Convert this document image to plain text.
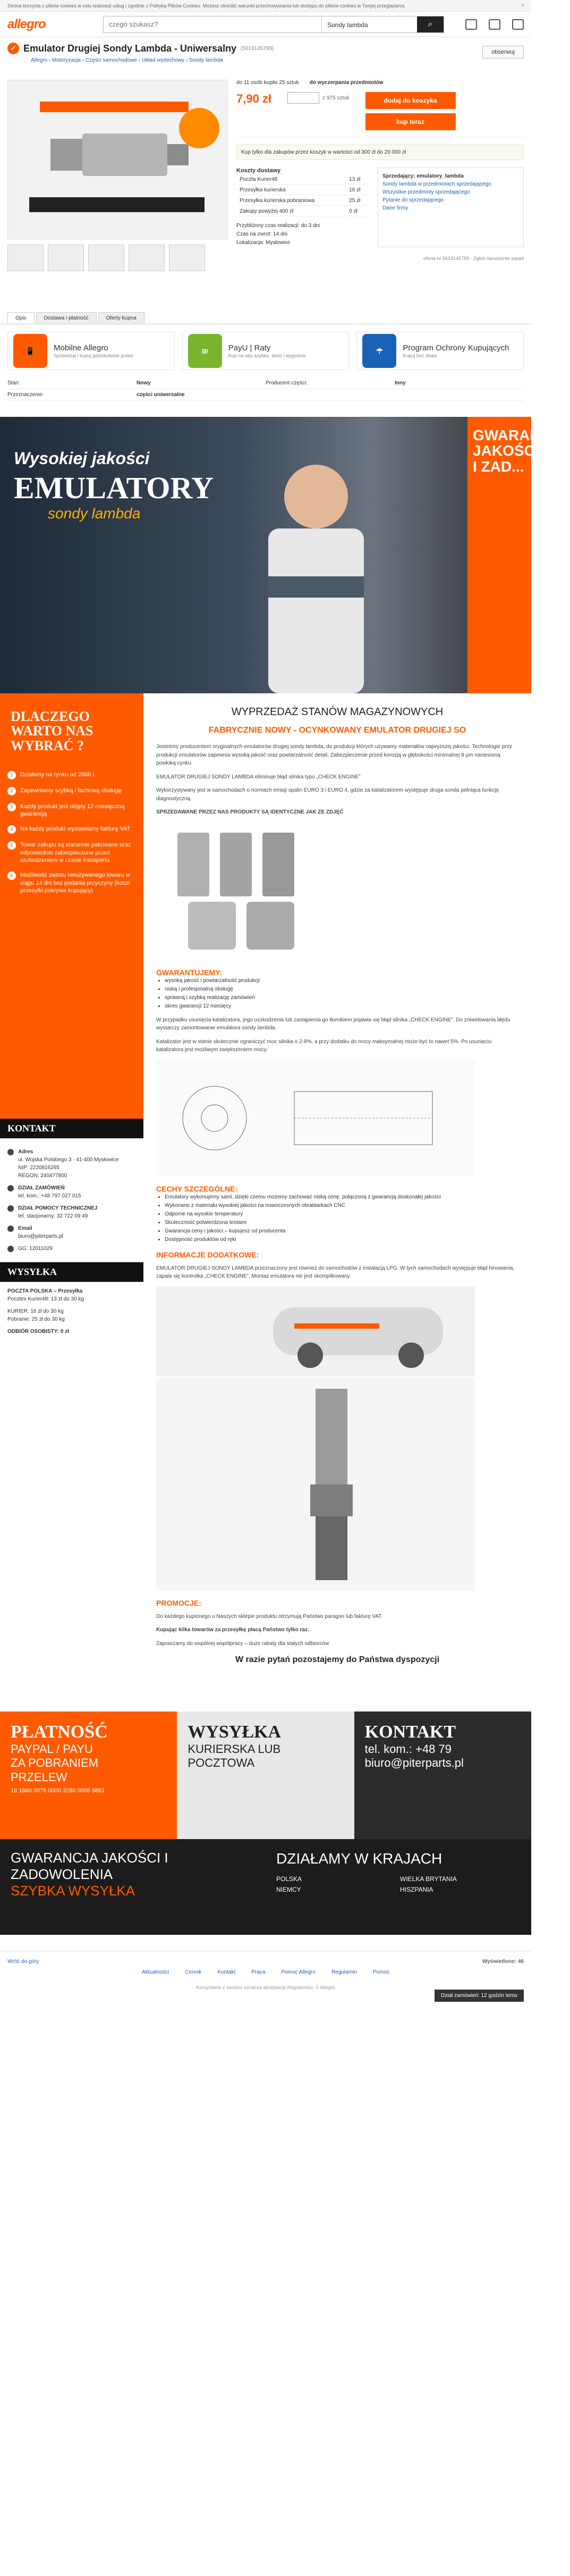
Strona korzysta z plików cookies w celu realizacji usług i zgodnie z Polityką Plików Cookies. Możesz określić warunki przechowywania lub dostępu do plików cookies w Twojej przeglądarce.	✕
allegro
czego szukasz?	Sondy lambda	⌕
✓ Emulator Drugiej Sondy Lambda - Uniwersalny (5619145799)
Allegro › Motoryzacja › Części samochodowe › Układ wydechowy › Sondy lambda
obserwuj
do 11 osób kupiło 25 sztuk do wyczerpania przedmiotów
7,90 zł	z 975 sztuk	dodaj do koszyka
kup teraz
Kup tylko dla zakupów przez koszyk w wartości od 300 zł do 20 000 zł
Koszty dostawy
Poczta Kurier48	13 zł
Przesyłka kurierska	16 zł
Przesyłka kurierska pobraniowa	25 zł
Zakupy powyżej 400 zł	0 zł
Przybliżony czas realizacji: do 3 dni
Czas na zwrot: 14 dni
Lokalizacja: Mysłowice
Sprzedający: emulatory_lambda
Sondy lambda w przedmiotach sprzedającego
Wszystkie przedmioty sprzedającego
Pytanie do sprzedającego
Dane firmy
oferta nr 5619145799 · Zgłoś naruszenie zasad
Opis	Dostawa i płatność	Oferty kupna
📱	Mobilne Allegro
Sprawdzaj i kupuj gdziekolwiek jesteś
₪	PayU | Raty
Kup na raty szybko, tanio i wygodnie
☂	Program Ochrony Kupujących
Kupuj bez obaw
Stan:	Nowy	Producent części:	Inny
Przeznaczenie:	części uniwersalne
Wysokiej jakości
EMULATORY
sondy lambda
GWARANCJA JAKOŚCI I ZAD...
DLACZEGO WARTO NAS WYBRAĆ ?
1	Działamy na rynku od 2006 r.
2	Zapewniamy szybką i fachową obsługę
3	Każdy produkt jest objęty 12 miesięczną gwarancją
4	Na każdy produkt wystawiamy fakturę VAT
5	Towar zakupu są starannie pakowane oraz odpowiednio zabezpieczone przed uszkodzeniem w czasie transportu
6	Możliwość zwrotu nieużywanego towaru w ciągu 14 dni bez podania przyczyny (koszt przesyłki pokrywa kupujący)
KONTAKT
Adres
ul. Wojska Polskiego 3 · 41-400 Mysłowice
NIP: 2220816265
REGON: 240477800
DZIAŁ ZAMÓWIEŃ
tel. kom.: +48 797 027 015
DZIAŁ POMOCY TECHNICZNEJ
tel. stacjonarny: 32 722 09 49
Email
biuro@piterparts.pl
GG: 12011029
WYSYŁKA
POCZTA POLSKA – Przesyłka
Pocztex Kurier48: 13 zł do 30 kg
KURIER: 16 zł do 30 kg
Pobranie: 25 zł do 30 kg
ODBIÓR OSOBISTY: 0 zł
WYPRZEDAŻ STANÓW MAGAZYNOWYCH
FABRYCZNIE NOWY - OCYNKOWANY EMULATOR DRUGIEJ SO

Jesteśmy producentem oryginalnych emulatorów drugiej sondy lambda, do produkcji których używamy materiałów najwyższej jakości. Technologie przy produkcji emulatorów zapewnia wysoką jakość oraz powtarzalność detali. Zabezpieczenie przed korozją w głębokości minimalnej 8 µm naniesioną powłoką cynku.

EMULATOR DRUGIEJ SONDY LAMBDA eliminuje błąd silnika typu „CHECK ENGINE”

Wykorzystywany jest w samochodach o normach emisji spalin EURO 3 i EURO 4, gdzie za katalizatorem występuje druga sonda pełniąca funkcję diagnostyczną.

SPRZEDAWANE PRZEZ NAS PRODUKTY SĄ IDENTYCZNE JAK ZE ZDJĘĆ

GWARANTUJEMY:
• wysoką jakość i powtarzalność produkcji
• niską i profesjonalną obsługę
• sprawną i szybką realizację zamówień
• okres gwarancji 12 miesięcy

W przypadku usunięcia katalizatora, jego uszkodzenia lub zastąpienia go tłumikiem pojawia się błąd silnika „CHECK ENGINE”. Do zniwelowania błędu wystarczy zamontowanie emulatora sondy lambda.

Katalizator jest w stanie skutecznie ograniczyć moc silnika o 2-8%, a przy dodatku do mocy maksymalnej może być to nawet 5%. Po usunięciu katalizatora jest możliwym zwiększeniem mocy.

CECHY SZCZEGÓLNE:
• Emulatory wykonujemy sami, dzięki czemu możemy zachować niską cenę, połączoną z gwarancją doskonałej jakości
• Wykonane z materiału wysokiej jakości na nowoczesnych obrabiarkach CNC
• Odporne na wysokie temperatury
• Skuteczność potwierdzona testami
• Gwarancja ceny i jakości – kupujesz od producenta
• Dostępność produktów od ręki
INFORMACJE DODATKOWE:

EMULATOR DRUGIEJ SONDY LAMBDA przeznaczony jest również do samochodów z instalacją LPG. W tych samochodach występuje błąd hinowania, zapala się kontrolka „CHECK ENGINE”. Montaż emulatora nie jest skomplikowany.

PROMOCJE:

Do każdego kupionego u Naszych sklepie produktu otrzymują Państwo paragon lub fakturę VAT.

Kupując kilka towarów za przesyłkę płacą Państwo tylko raz.

Zapraszamy do wspólnej współpracy – duże rabaty dla stałych odbiorców

W razie pytań pozostajemy do Państwa dyspozycji
PŁATNOŚĆ
PAYPAL / PAYU
ZA POBRANIEM
PRZELEW
18 1660 0076 0000 3280 0005 9861
WYSYŁKA
KURIERSKA LUB POCZTOWA
KONTAKT
tel. kom.: +48 79
biuro@piterparts.pl
GWARANCJA JAKOŚCI I ZADOWOLENIA
SZYBKA WYSYŁKA
DZIAŁAMY W KRAJACH
POLSKA	WIELKA BRYTANIA
NIEMCY	HISZPANIA
Wróć do góry	Wyświetlono: 46
Aktualności	Cennik	Kontakt	Praca	Pomoc Allegro	Regulamin	Pomoc
Korzystanie z serwisu oznacza akceptację Regulaminu. © Allegro
Dział zamówień: 12 godzin temu
